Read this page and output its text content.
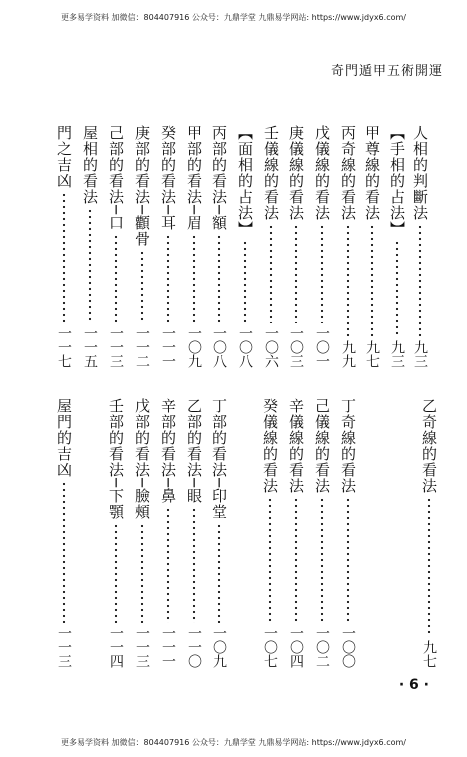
更多易学资料 加微信：804407916 公众号：九鼎学堂 九鼎易学网站: https://www.jdyx6.com/
奇門遁甲五術開運
人相的判斷法
九三
【手相的占法】
九三
甲尊線的看法
九七
丙奇線的看法
九九
戊儀線的看法
一〇一
庚儀線的看法
一〇三
壬儀線的看法
一〇六
【面相的占法】
一〇八
丙部的看法─額
一〇八
甲部的看法─眉
一〇九
癸部的看法─耳
一一一
庚部的看法─顴骨
一一二
己部的看法─口
一一三
屋相的看法
一一五
門之吉凶
一一七
乙奇線的看法
九七
丁奇線的看法
一〇〇
己儀線的看法
一〇二
辛儀線的看法
一〇四
癸儀線的看法
一〇七
丁部的看法─印堂
一〇九
乙部的看法─眼
一一〇
辛部的看法─鼻
一一一
戊部的看法─臉頰
一一三
壬部的看法─下顎
一一四
屋門的吉凶
一一三
· 6 ·
更多易学资料 加微信：804407916 公众号：九鼎学堂 九鼎易学网站: https://www.jdyx6.com/
